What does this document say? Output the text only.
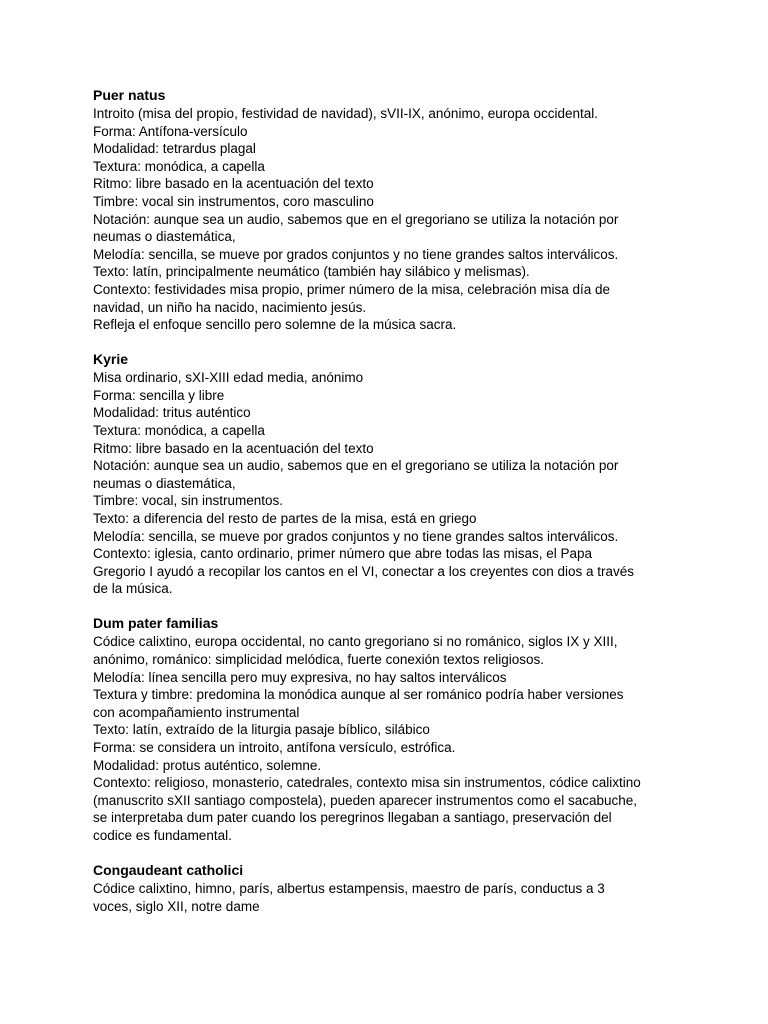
Puer natus

Introito (misa del propio, festividad de navidad), sVII-IX, anónimo, europa occidental.

Forma: Antífona-versículo

Modalidad: tetrardus plagal

Textura: monódica, a capella

Ritmo: libre basado en la acentuación del texto

Timbre: vocal sin instrumentos, coro masculino

Notación: aunque sea un audio, sabemos que en el gregoriano se utiliza la notación por

neumas o diastemática,

Melodía: sencilla, se mueve por grados conjuntos y no tiene grandes saltos interválicos.

Texto: latín, principalmente neumático (también hay silábico y melismas).

Contexto: festividades misa propio, primer número de la misa, celebración misa día de

navidad, un niño ha nacido, nacimiento jesús.

Refleja el enfoque sencillo pero solemne de la música sacra.

Kyrie

Misa ordinario, sXI-XIII edad media, anónimo

Forma: sencilla y libre

Modalidad: tritus auténtico

Textura: monódica, a capella

Ritmo: libre basado en la acentuación del texto

Notación: aunque sea un audio, sabemos que en el gregoriano se utiliza la notación por

neumas o diastemática,

Timbre: vocal, sin instrumentos.

Texto: a diferencia del resto de partes de la misa, está en griego

Melodía: sencilla, se mueve por grados conjuntos y no tiene grandes saltos interválicos.

Contexto: iglesia, canto ordinario, primer número que abre todas las misas, el Papa

Gregorio I ayudó a recopilar los cantos en el VI, conectar a los creyentes con dios a través

de la música.

Dum pater familias

Códice calixtino, europa occidental, no canto gregoriano si no románico, siglos IX y XIII,

anónimo, románico: simplicidad melódica, fuerte conexión textos religiosos.

Melodía: línea sencilla pero muy expresiva, no hay saltos interválicos

Textura y timbre: predomina la monódica aunque al ser románico podría haber versiones

con acompañamiento instrumental

Texto: latín, extraído de la liturgia pasaje bíblico, silábico

Forma: se considera un introito, antífona versículo, estrófica.

Modalidad: protus auténtico, solemne.

Contexto: religioso, monasterio, catedrales, contexto misa sin instrumentos, códice calixtino

(manuscrito sXII santiago compostela), pueden aparecer instrumentos como el sacabuche,

se interpretaba dum pater cuando los peregrinos llegaban a santiago, preservación del

codice es fundamental.

Congaudeant catholici

Códice calixtino, himno, parís, albertus estampensis, maestro de parís, conductus a 3

voces, siglo XII, notre dame
